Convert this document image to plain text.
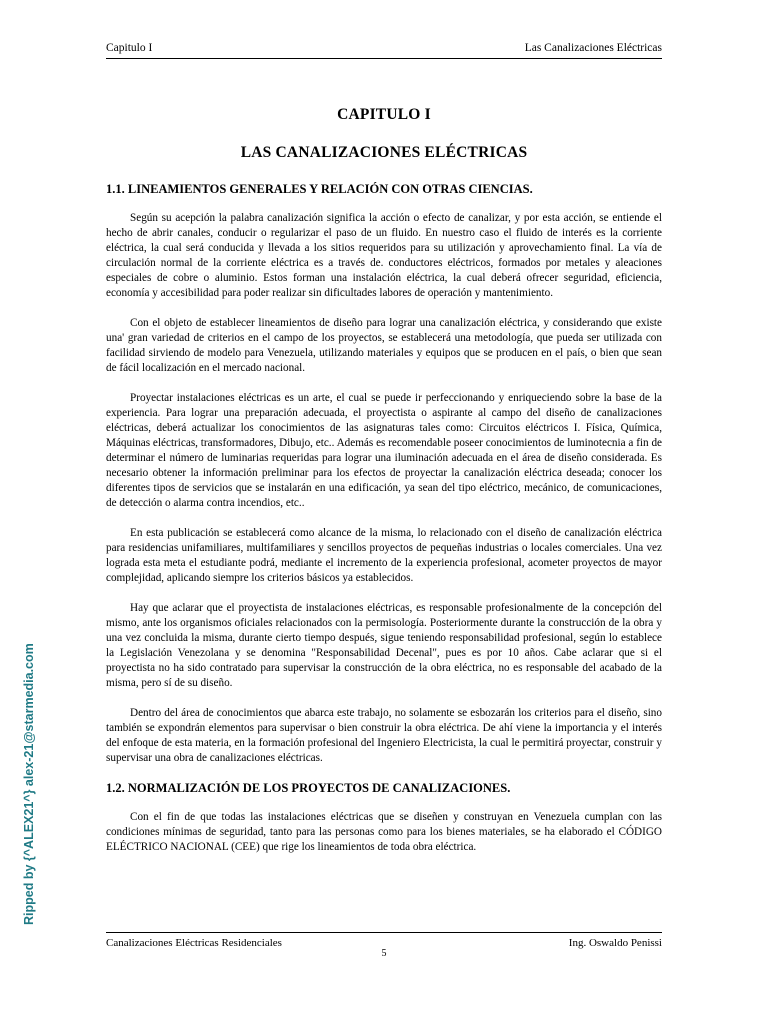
Capitulo I	Las Canalizaciones Eléctricas
Ripped by {^ALEX21^} alex-21@starmedia.com
CAPITULO I
LAS CANALIZACIONES ELÉCTRICAS
1.1. LINEAMIENTOS GENERALES Y RELACIÓN CON OTRAS CIENCIAS.

Según su acepción la palabra canalización significa la acción o efecto de canalizar, y por esta acción, se entiende el hecho de abrir canales, conducir o regularizar el paso de un fluido. En nuestro caso el fluido de interés es la corriente eléctrica, la cual será conducida y llevada a los sitios requeridos para su utilización y aprovechamiento final. La vía de circulación normal de la corriente eléctrica es a través de. conductores eléctricos, formados por metales y aleaciones especiales de cobre o aluminio. Estos forman una instalación eléctrica, la cual deberá ofrecer seguridad, eficiencia, economía y accesibilidad para poder realizar sin dificultades labores de operación y mantenimiento.

Con el objeto de establecer lineamientos de diseño para lograr una canalización eléctrica, y considerando que existe una' gran variedad de criterios en el campo de los proyectos, se establecerá una metodología, que pueda ser utilizada con facilidad sirviendo de modelo para Venezuela, utilizando materiales y equipos que se producen en el país, o bien que sean de fácil localización en el mercado nacional.

Proyectar instalaciones eléctricas es un arte, el cual se puede ir perfeccionando y enriqueciendo sobre la base de la experiencia. Para lograr una preparación adecuada, el proyectista o aspirante al campo del diseño de canalizaciones eléctricas, deberá actualizar los conocimientos de las asignaturas tales como: Circuitos eléctricos I. Física, Química, Máquinas eléctricas, transformadores, Dibujo, etc.. Además es recomendable poseer conocimientos de luminotecnia a fin de determinar el número de luminarias requeridas para lograr una iluminación adecuada en el área de diseño considerada. Es necesario obtener la información preliminar para los efectos de proyectar la canalización eléctrica deseada; conocer los diferentes tipos de servicios que se instalarán en una edificación, ya sean del tipo eléctrico, mecánico, de comunicaciones, de detección o alarma contra incendios, etc..

En esta publicación se establecerá como alcance de la misma, lo relacionado con el diseño de canalización eléctrica para residencias unifamiliares, multifamiliares y sencillos proyectos de pequeñas industrias o locales comerciales. Una vez lograda esta meta el estudiante podrá, mediante el incremento de la experiencia profesional, acometer proyectos de mayor complejidad, aplicando siempre los criterios básicos ya establecidos.

Hay que aclarar que el proyectista de instalaciones eléctricas, es responsable profesionalmente de la concepción del mismo, ante los organismos oficiales relacionados con la permisología. Posteriormente durante la construcción de la obra y una vez concluida la misma, durante cierto tiempo después, sigue teniendo responsabilidad profesional, según lo establece la Legislación Venezolana y se denomina "Responsabilidad Decenal", pues es por 10 años. Cabe aclarar que si el proyectista no ha sido contratado para supervisar la construcción de la obra eléctrica, no es responsable del acabado de la misma, pero sí de su diseño.

Dentro del área de conocimientos que abarca este trabajo, no solamente se esbozarán los criterios para el diseño, sino también se expondrán elementos para supervisar o bien construir la obra eléctrica. De ahí viene la importancia y el interés del enfoque de esta materia, en la formación profesional del Ingeniero Electricista, la cual le permitirá proyectar, construir y supervisar una obra de canalizaciones eléctricas.

1.2. NORMALIZACIÓN DE LOS PROYECTOS DE CANALIZACIONES.

Con el fin de que todas las instalaciones eléctricas que se diseñen y construyan en Venezuela cumplan con las condiciones mínimas de seguridad, tanto para las personas como para los bienes materiales, se ha elaborado el CÓDIGO ELÉCTRICO NACIONAL (CEE) que rige los lineamientos de toda obra eléctrica.

Canalizaciones Eléctricas Residenciales	Ing. Oswaldo Penissi
5
